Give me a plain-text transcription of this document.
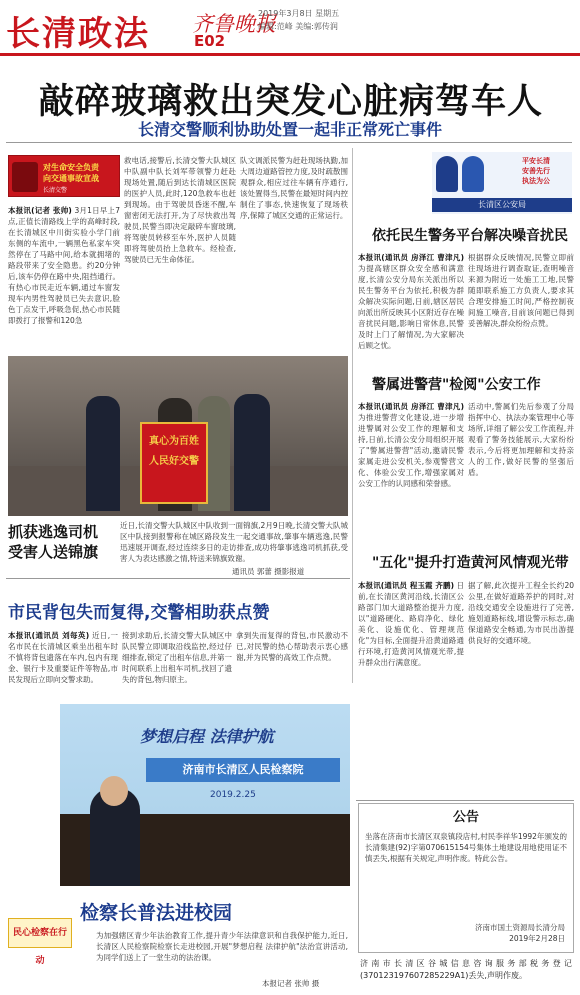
长清政法 齐鲁晚报
E02
2019年3月8日 星期五
编辑:范峰 美编:郭传润
敲碎玻璃救出突发心脏病驾车人
长清交警顺利协助处置一起非正常死亡事件
对生命安全负责
向交通事故宣战
长清交警
本报讯(记者 张帅) 3月1日早上7点,正值长清路线上学的高峰时段,在长清城区中川街实验小学门前东侧的车流中,一辆黑色私家车突然停在了马路中间,给本就拥堵的路段带来了安全隐患。约20分钟后,该车仍停在路中央,阻挡通行。有热心市民走近车辆,通过车窗发现车内男性驾驶员已失去意识,脸色丁点发干,呼吸急促,热心市民随即拨打了报警和120急
救电话,接警后,长清交警大队城区中队副中队长刘军带领警力赶赴现场处置,随后到达长清城区医院的医护人员,此时,120急救车也赶到现场。由于驾驶员昏迷不醒,车窗密闭无法打开,为了尽快救出驾驶员,民警当即决定敲碎车窗玻璃,将驾驶员转移至车外,医护人员随即将驾驶员抬上急救车。经检查,驾驶员已无生命体征。
队文调派民警为赶赴现场执勤,加大周边道路管控力度,及时疏散围观群众,相应过往车辆有序通行,该处置得当,民警在最短时间内控制住了事态,快速恢复了现场秩序,保障了城区交通的正常运行。
平安长清
安善先行
执法为公
长清区公安局
依托民生警务平台解决噪音扰民
本报讯(通讯员 房泽江 曹津凡) 为提高辖区群众安全感和满意度,长清公安分局东关派出所以民生警务平台为依托,积极为群众解决实际问题,日前,辖区居民向派出所反映其小区附近存在噪音扰民问题,影响日常休息,民警及时上门了解情况,为大家解决后顾之忧。
根据群众反映情况,民警立即前往现场进行调查取证,查明噪音来源为附近一处施工工地,民警随即联系施工方负责人,要求其合理安排施工时间,严格控制夜间施工噪音,目前该问题已得到妥善解决,群众纷纷点赞。
警属进警营"检阅"公安工作
本报讯(通讯员 房泽江 曹津凡) 为推进警营文化建设,进一步增进警属对公安工作的理解和支持,日前,长清公安分局组织开展了"警属进警营"活动,邀请民警家属走进公安机关,参观警营文化、体验公安工作,增强家属对公安工作的认同感和荣誉感。
活动中,警属们先后参观了分局指挥中心、执法办案管理中心等场所,详细了解公安工作流程,并观看了警务技能展示,大家纷纷表示,今后将更加理解和支持亲人的工作,做好民警的坚强后盾。
"五化"提升打造黄河风情观光带
本报讯(通讯员 程玉霞 齐鹏) 日前,在长清区黄河沿线,长清区公路部门加大道路整治提升力度,以"道路硬化、路肩净化、绿化美化、设施优化、管理规范化"为目标,全面提升沿黄道路通行环境,打造黄河风情观光带,提升群众出行满意度。
据了解,此次提升工程全长约20公里,在做好道路养护的同时,对沿线交通安全设施进行了完善,施划道路标线,增设警示标志,确保道路安全畅通,为市民出游提供良好的交通环境。
真心为百姓
人民好交警
抓获逃逸司机
受害人送锦旗
近日,长清交警大队城区中队收到一面锦旗,2月9日晚,长清交警大队城区中队接到报警称在城区路段发生一起交通事故,肇事车辆逃逸,民警迅速展开调查,经过连续多日的走访排查,成功将肇事逃逸司机抓获,受害人为表达感激之情,特送来锦旗致谢。
通讯员 郭蕾 摄影报道
市民背包失而复得,交警相助获点赞
本报讯(通讯员 刘每英) 近日,一名市民在长清城区乘坐出租车时不慎将背包遗落在车内,包内有现金、银行卡及重要证件等物品,市民发现后立即向交警求助。
接到求助后,长清交警大队城区中队民警立即调取沿线监控,经过仔细排查,锁定了出租车信息,并第一时间联系上出租车司机,找回了遗失的背包,物归原主。
拿到失而复得的背包,市民激动不已,对民警的热心帮助表示衷心感谢,并为民警的高效工作点赞。
梦想启程 法律护航
济南市长清区人民检察院
2019.2.25
检察长普法进校园
民心检察在行动
为加强辖区青少年法治教育工作,提升青少年法律意识和自我保护能力,近日,长清区人民检察院检察长走进校园,开展"梦想启程 法律护航"法治宣讲活动,为同学们送上了一堂生动的法治课。
本报记者 张帅 摄
公告
坐落在济南市长清区双泉镇段店村,村民李祥华1992年颁发的长清集建(92)字第070615154号集体土地建设用地使用证不慎丢失,根据有关规定,声明作废。特此公告。
济南市国土资源局长清分局
2019年2月28日
济南市长清区谷城信息咨询服务部税务登记(370123197607285229A1)丢失,声明作废。
